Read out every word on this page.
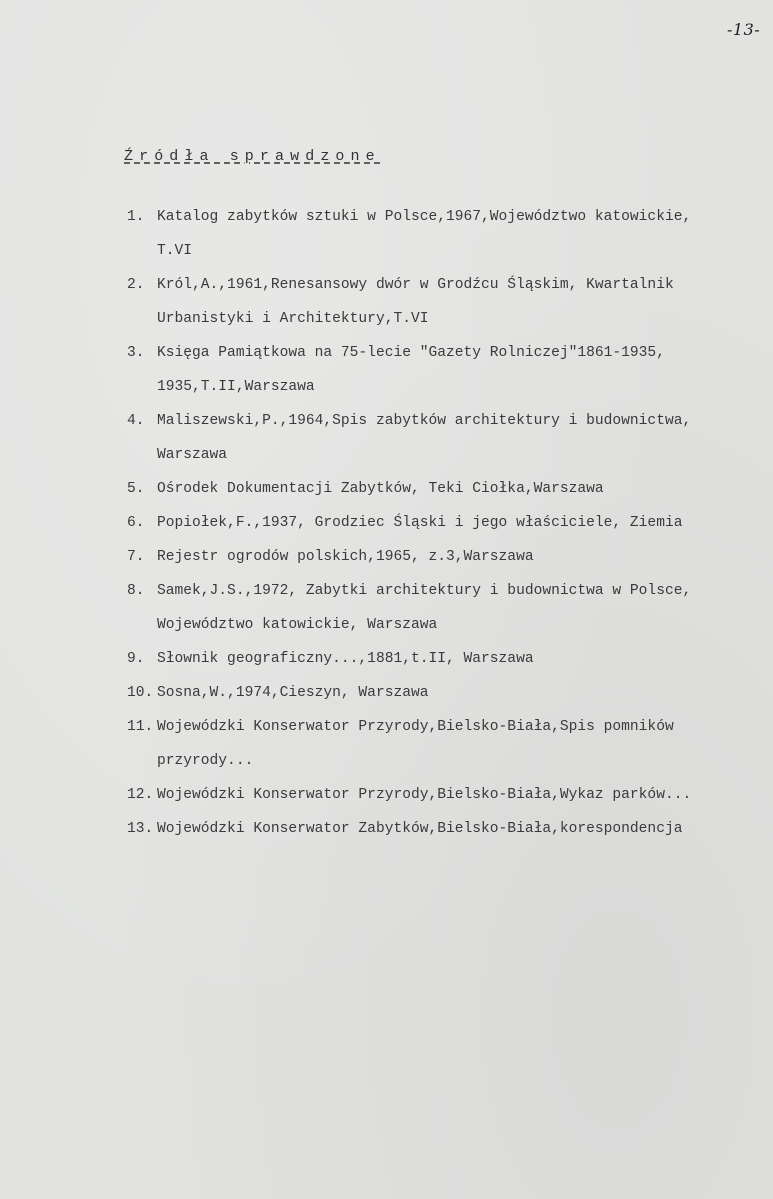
-13-
Źródła sprawdzone
1. Katalog zabytków sztuki w Polsce,1967,Województwo katowickie,
T.VI
2. Król,A.,1961,Renesansowy dwór w Grodźcu Śląskim, Kwartalnik
Urbanistyki i Architektury,T.VI
3. Księga Pamiątkowa na 75-lecie "Gazety Rolniczej"1861-1935,
1935,T.II,Warszawa
4. Maliszewski,P.,1964,Spis zabytków architektury i budownictwa,
Warszawa
5. Ośrodek Dokumentacji Zabytków, Teki Ciołka,Warszawa
6. Popiołek,F.,1937, Grodziec Śląski i jego właściciele, Ziemia
7. Rejestr ogrodów polskich,1965, z.3,Warszawa
8. Samek,J.S.,1972, Zabytki architektury i budownictwa w Polsce,
Województwo katowickie, Warszawa
9. Słownik geograficzny...,1881,t.II, Warszawa
10. Sosna,W.,1974,Cieszyn, Warszawa
11. Wojewódzki Konserwator Przyrody,Bielsko-Biała,Spis pomników
przyrody...
12. Wojewódzki Konserwator Przyrody,Bielsko-Biała,Wykaz parków...
13. Wojewódzki Konserwator Zabytków,Bielsko-Biała,korespondencja
